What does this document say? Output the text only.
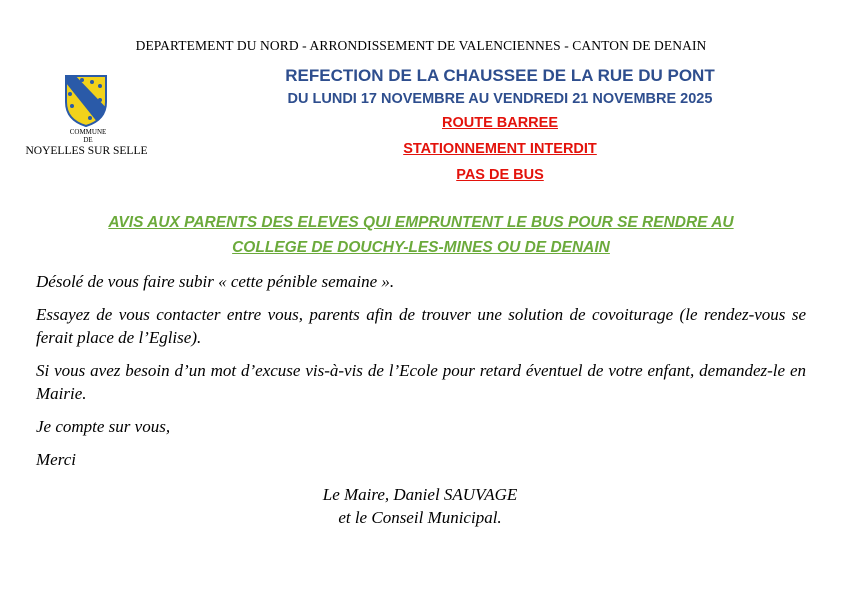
DEPARTEMENT DU NORD - ARRONDISSEMENT DE VALENCIENNES - CANTON DE DENAIN
COMMUNE
DE
NOYELLES SUR SELLE
REFECTION DE LA CHAUSSEE DE LA RUE DU PONT
DU LUNDI 17 NOVEMBRE AU VENDREDI 21 NOVEMBRE 2025
ROUTE BARREE
STATIONNEMENT INTERDIT
PAS DE BUS
AVIS AUX PARENTS DES ELEVES QUI EMPRUNTENT LE BUS POUR SE RENDRE AU
COLLEGE DE DOUCHY-LES-MINES OU DE DENAIN

Désolé de vous faire subir « cette pénible semaine ».

Essayez de vous contacter entre vous, parents afin de trouver une solution de covoiturage (le rendez-vous se ferait place de l’Eglise).

Si vous avez besoin d’un mot d’excuse vis-à-vis de l’Ecole pour retard éventuel de votre enfant, demandez-le en Mairie.

Je compte sur vous,

Merci

Le Maire, Daniel SAUVAGE
et le Conseil Municipal.
